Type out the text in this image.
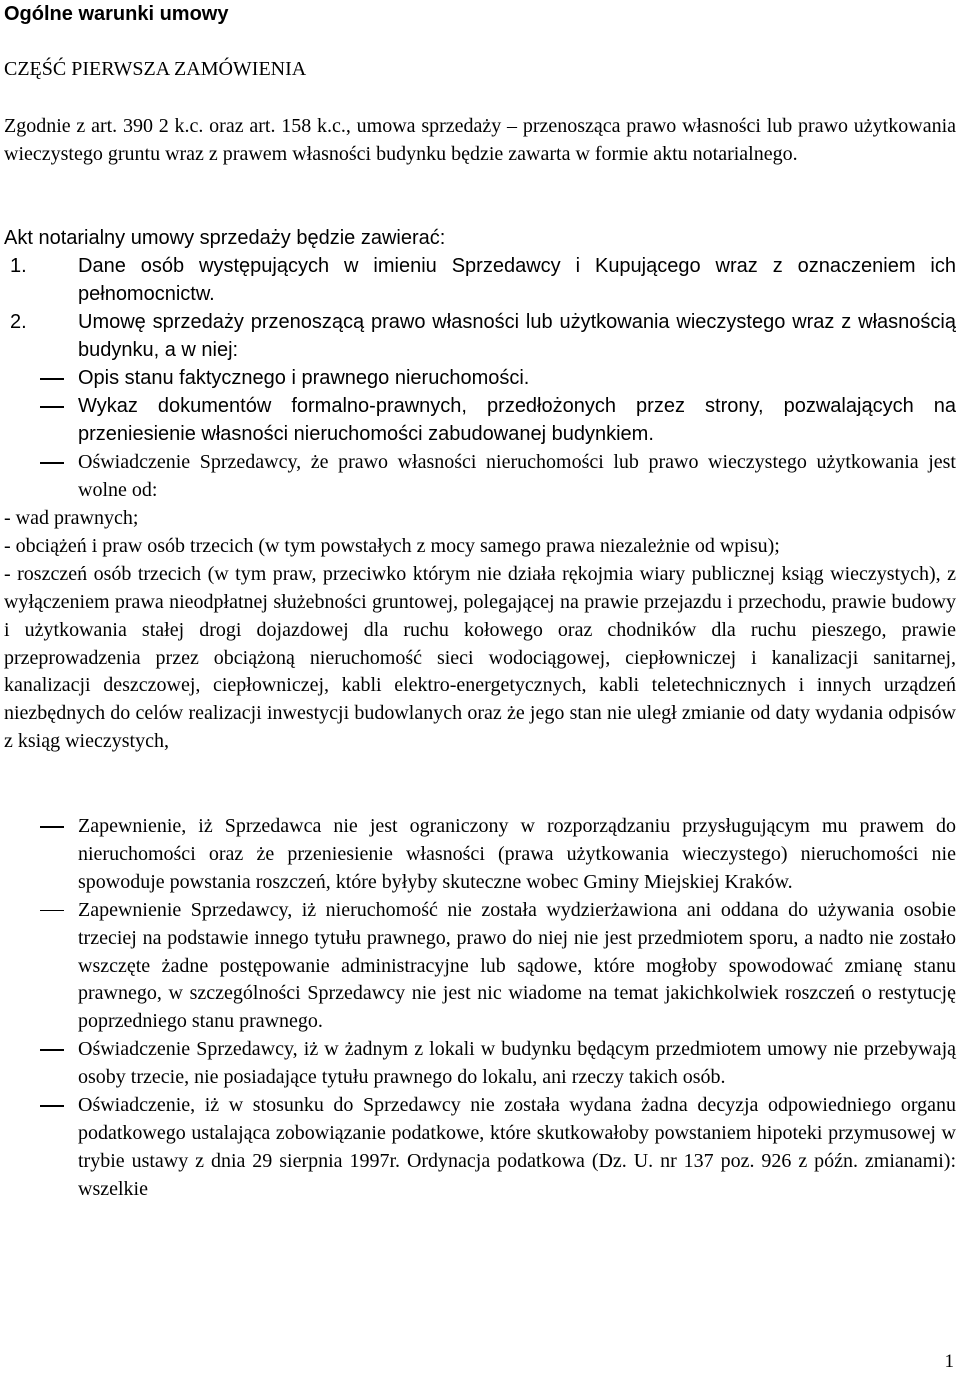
Ogólne warunki umowy
CZĘŚĆ PIERWSZA ZAMÓWIENIA
Zgodnie z art. 390 2 k.c. oraz art. 158 k.c., umowa sprzedaży – przenosząca prawo własności lub prawo użytkowania wieczystego gruntu wraz z prawem własności budynku będzie zawarta w formie aktu notarialnego.
Akt notarialny umowy sprzedaży będzie zawierać:
1.	Dane osób występujących w imieniu Sprzedawcy i Kupującego wraz z oznaczeniem ich pełnomocnictw.
2.	Umowę sprzedaży przenoszącą prawo własności lub użytkowania wieczystego wraz z własnością budynku, a w niej:
Opis stanu faktycznego i prawnego nieruchomości.
Wykaz dokumentów formalno-prawnych, przedłożonych przez strony, pozwalających na przeniesienie własności nieruchomości zabudowanej budynkiem.
Oświadczenie Sprzedawcy, że prawo własności nieruchomości lub prawo wieczystego użytkowania jest wolne od:
- wad prawnych;
- obciążeń i praw osób trzecich (w tym powstałych z mocy samego prawa niezależnie od wpisu);
- roszczeń osób trzecich (w tym praw, przeciwko którym nie działa rękojmia wiary publicznej ksiąg wieczystych), z wyłączeniem prawa nieodpłatnej służebności gruntowej, polegającej na prawie przejazdu i przechodu, prawie budowy i użytkowania stałej drogi dojazdowej dla ruchu kołowego oraz chodników dla ruchu pieszego, prawie przeprowadzenia przez obciążoną nieruchomość sieci wodociągowej, ciepłowniczej i kanalizacji sanitarnej, kanalizacji deszczowej, ciepłowniczej, kabli elektro-energetycznych, kabli teletechnicznych i innych urządzeń niezbędnych do celów realizacji inwestycji budowlanych oraz że jego stan nie uległ zmianie od daty wydania odpisów z ksiąg wieczystych,
Zapewnienie, iż Sprzedawca nie jest ograniczony w rozporządzaniu przysługującym mu prawem do nieruchomości oraz że przeniesienie własności (prawa użytkowania wieczystego) nieruchomości nie spowoduje powstania roszczeń, które byłyby skuteczne wobec Gminy Miejskiej Kraków.
Zapewnienie Sprzedawcy, iż nieruchomość nie została wydzierżawiona ani oddana do używania osobie trzeciej na podstawie innego tytułu prawnego, prawo do niej nie jest przedmiotem sporu, a nadto nie zostało wszczęte żadne postępowanie administracyjne lub sądowe, które mogłoby spowodować zmianę stanu prawnego, w szczególności Sprzedawcy nie jest nic wiadome na temat jakichkolwiek roszczeń o restytucję poprzedniego stanu prawnego.
Oświadczenie Sprzedawcy, iż w żadnym z lokali w budynku będącym przedmiotem umowy nie przebywają osoby trzecie, nie posiadające tytułu prawnego do lokalu, ani rzeczy takich osób.
Oświadczenie, iż w stosunku do Sprzedawcy nie została wydana żadna decyzja odpowiedniego organu podatkowego ustalająca zobowiązanie podatkowe, które skutkowałoby powstaniem hipoteki przymusowej w trybie ustawy z dnia 29 sierpnia 1997r. Ordynacja podatkowa (Dz. U. nr 137 poz. 926 z późn. zmianami): wszelkie
1
